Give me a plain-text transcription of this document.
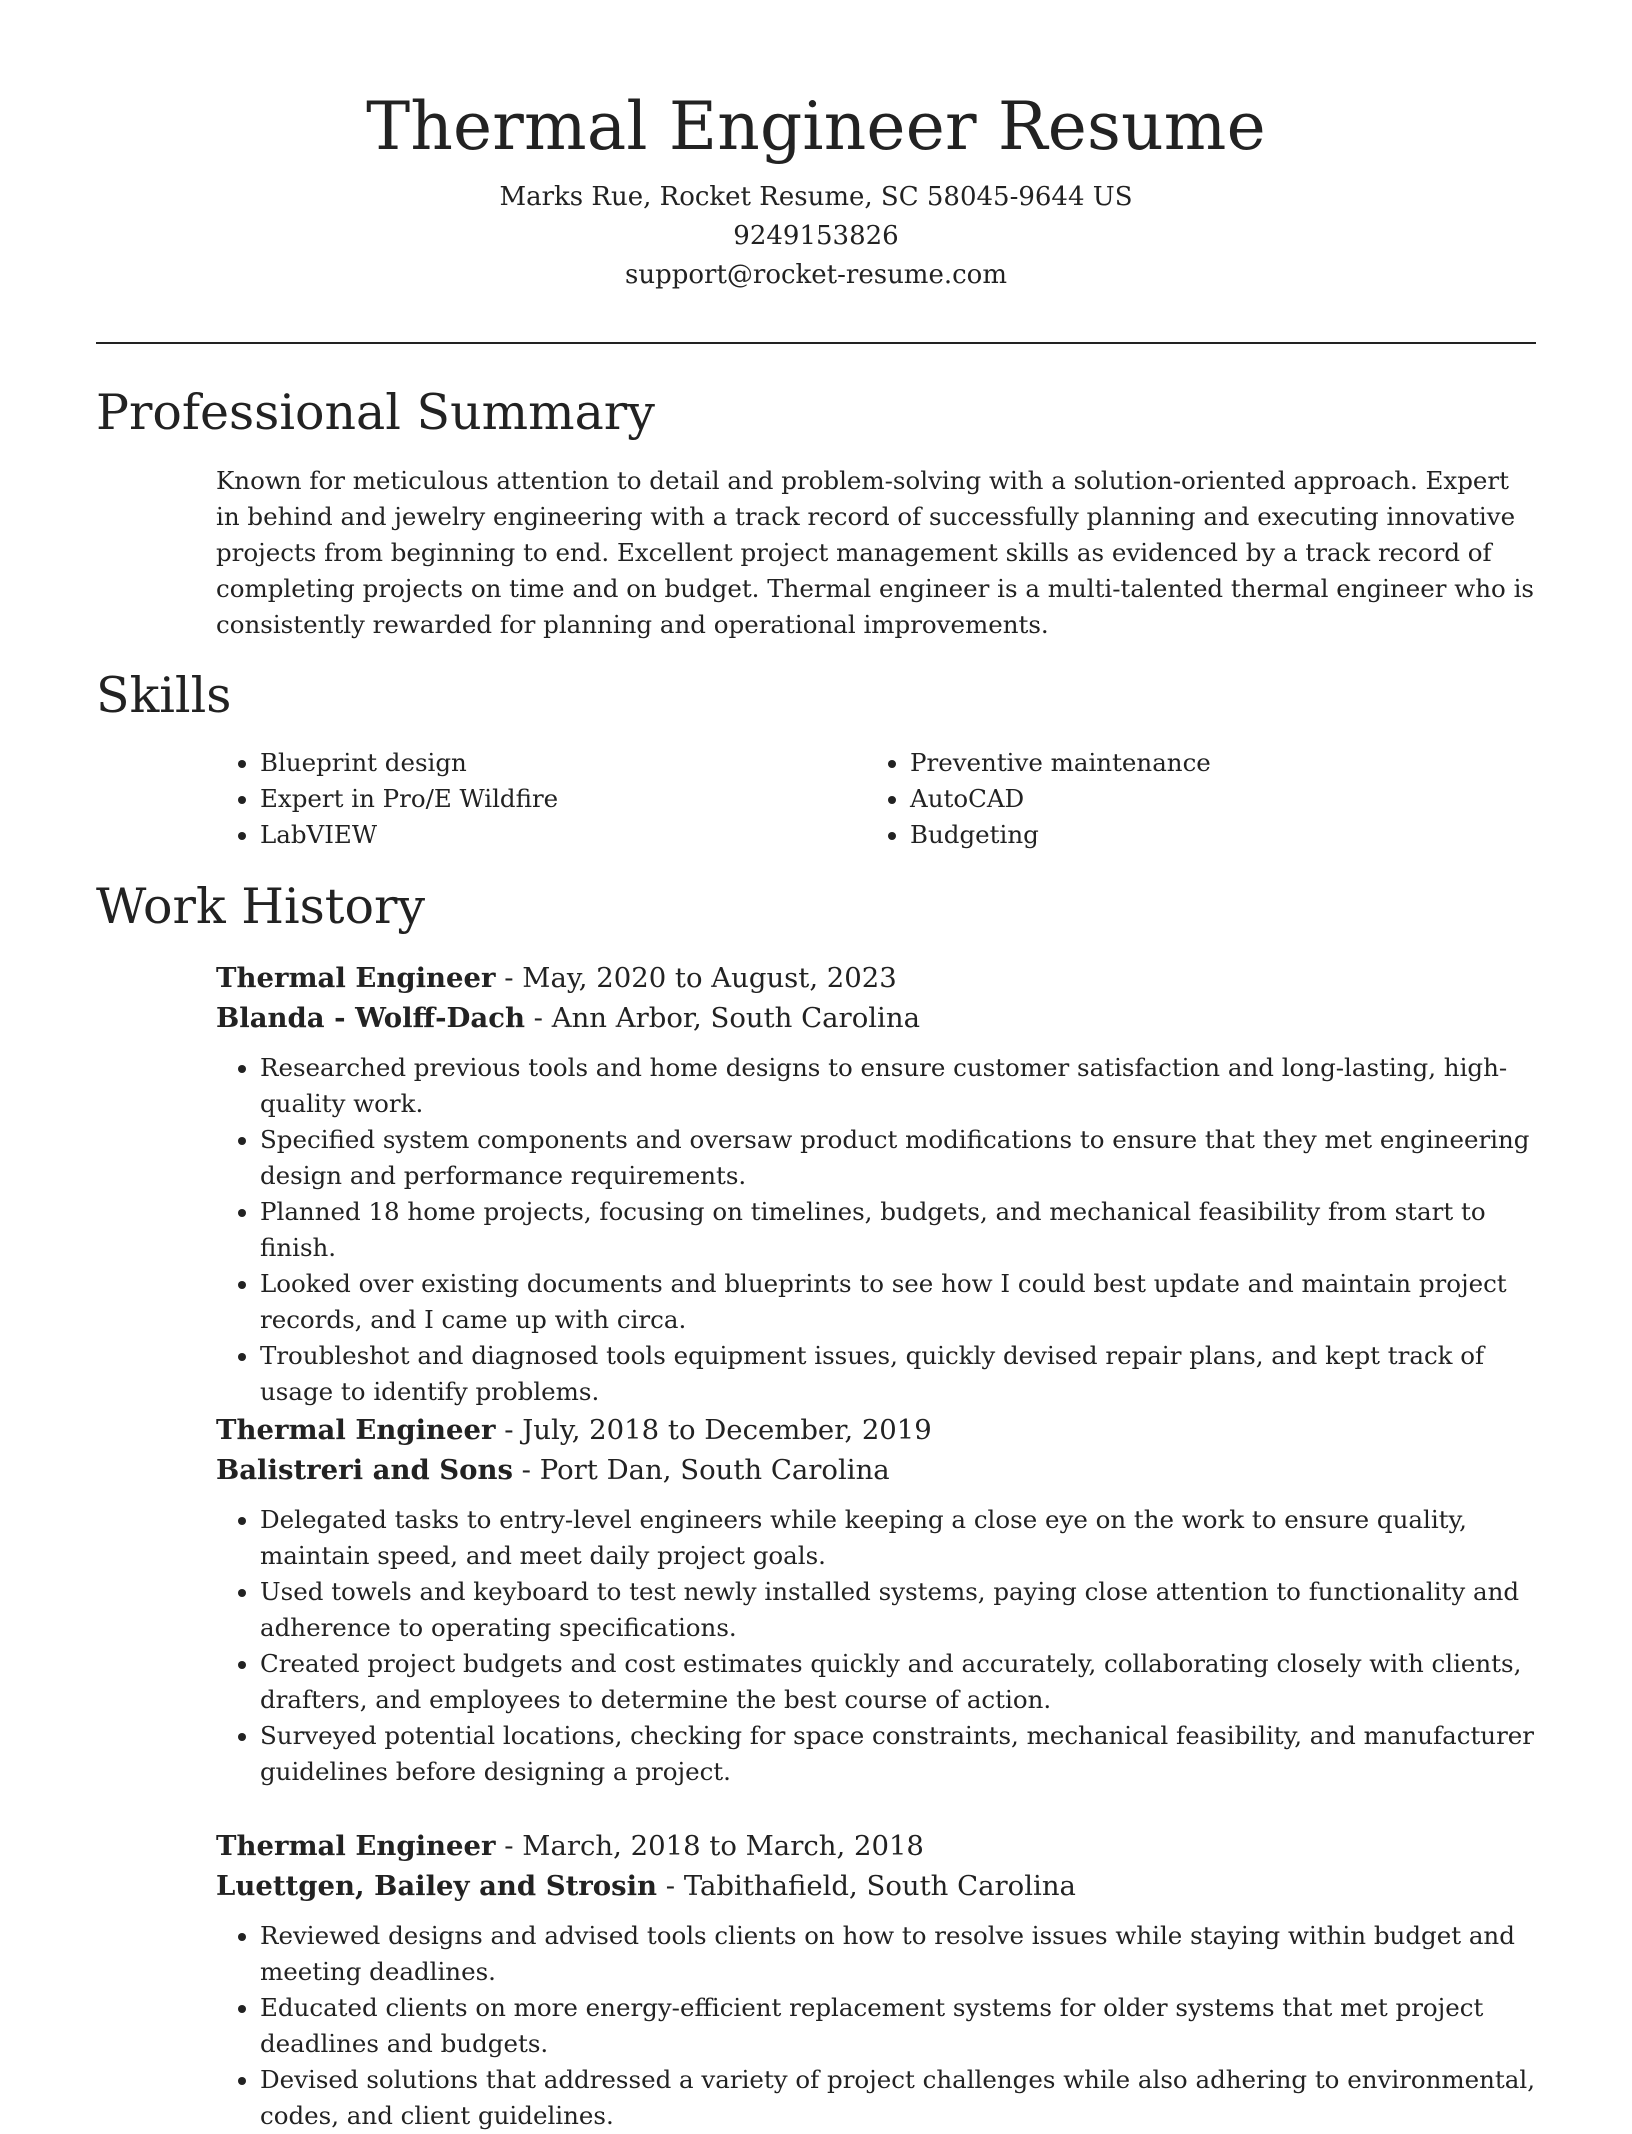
Thermal Engineer Resume
Marks Rue, Rocket Resume, SC 58045-9644 US
9249153826
support@rocket-resume.com
Professional Summary
Known for meticulous attention to detail and problem-solving with a solution-oriented approach. Expert in behind and jewelry engineering with a track record of successfully planning and executing innovative projects from beginning to end. Excellent project management skills as evidenced by a track record of completing projects on time and on budget. Thermal engineer is a multi-talented thermal engineer who is consistently rewarded for planning and operational improvements.
Skills
• Blueprint design
• Expert in Pro/E Wildfire
• LabVIEW
• Preventive maintenance
• AutoCAD
• Budgeting
Work History
Thermal Engineer - May, 2020 to August, 2023
Blanda - Wolff-Dach - Ann Arbor, South Carolina
• Researched previous tools and home designs to ensure customer satisfaction and long-lasting, high-quality work.
• Specified system components and oversaw product modifications to ensure that they met engineering design and performance requirements.
• Planned 18 home projects, focusing on timelines, budgets, and mechanical feasibility from start to finish.
• Looked over existing documents and blueprints to see how I could best update and maintain project records, and I came up with circa.
• Troubleshot and diagnosed tools equipment issues, quickly devised repair plans, and kept track of usage to identify problems.
Thermal Engineer - July, 2018 to December, 2019
Balistreri and Sons - Port Dan, South Carolina
• Delegated tasks to entry-level engineers while keeping a close eye on the work to ensure quality, maintain speed, and meet daily project goals.
• Used towels and keyboard to test newly installed systems, paying close attention to functionality and adherence to operating specifications.
• Created project budgets and cost estimates quickly and accurately, collaborating closely with clients, drafters, and employees to determine the best course of action.
• Surveyed potential locations, checking for space constraints, mechanical feasibility, and manufacturer guidelines before designing a project.
Thermal Engineer - March, 2018 to March, 2018
Luettgen, Bailey and Strosin - Tabithafield, South Carolina
• Reviewed designs and advised tools clients on how to resolve issues while staying within budget and meeting deadlines.
• Educated clients on more energy-efficient replacement systems for older systems that met project deadlines and budgets.
• Devised solutions that addressed a variety of project challenges while also adhering to environmental, codes, and client guidelines.
